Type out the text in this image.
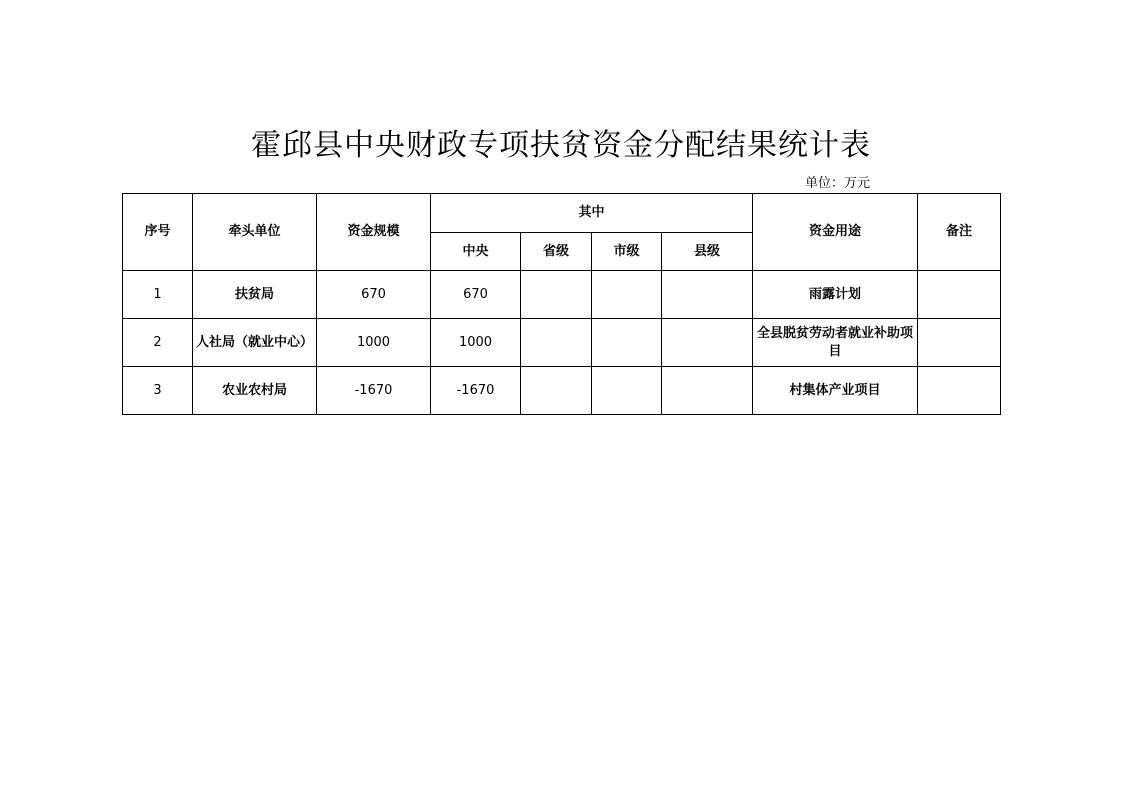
霍邱县中央财政专项扶贫资金分配结果统计表
单位：万元
序号	牵头单位	资金规模	其中				资金用途	备注
			中央	省级	市级	县级		
1	扶贫局	670	670				雨露计划	
2	人社局（就业中心）	1000	1000				全县脱贫劳动者就业补助项目	
3	农业农村局	-1670	-1670				村集体产业项目	
